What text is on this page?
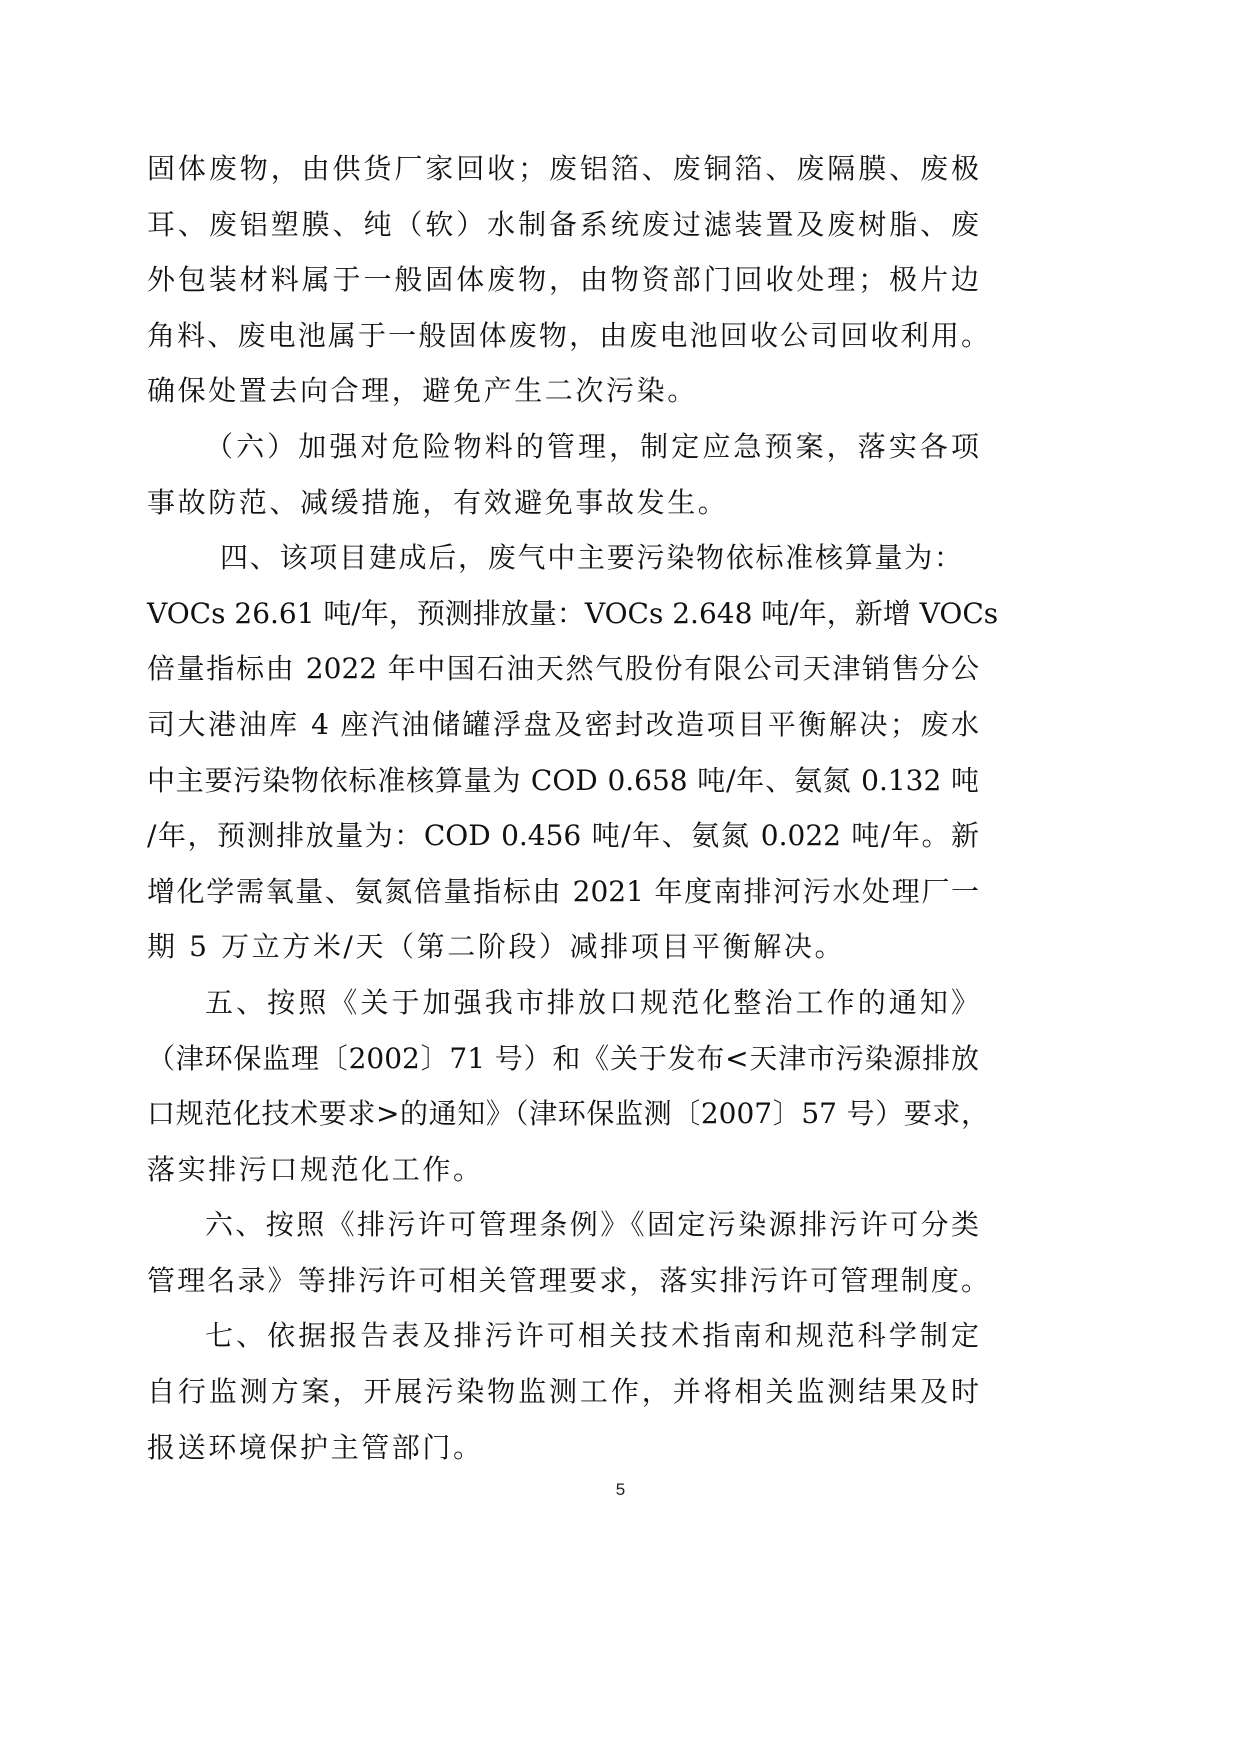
固体废物，由供货厂家回收；废铝箔、废铜箔、废隔膜、废极
耳、废铝塑膜、纯（软）水制备系统废过滤装置及废树脂、废
外包装材料属于一般固体废物，由物资部门回收处理；极片边
角料、废电池属于一般固体废物，由废电池回收公司回收利用。
确保处置去向合理，避免产生二次污染。
（六）加强对危险物料的管理，制定应急预案，落实各项
事故防范、减缓措施，有效避免事故发生。
四、该项目建成后，废气中主要污染物依标准核算量为：
VOCs 26.61 吨/年，预测排放量：VOCs 2.648 吨/年，新增 VOCs
倍量指标由 2022 年中国石油天然气股份有限公司天津销售分公
司大港油库 4 座汽油储罐浮盘及密封改造项目平衡解决；废水
中主要污染物依标准核算量为 COD 0.658 吨/年、氨氮 0.132 吨
/年，预测排放量为：COD 0.456 吨/年、氨氮 0.022 吨/年。新
增化学需氧量、氨氮倍量指标由 2021 年度南排河污水处理厂一
期 5 万立方米/天（第二阶段）减排项目平衡解决。
五、按照《关于加强我市排放口规范化整治工作的通知》
（津环保监理〔2002〕71 号）和《关于发布<天津市污染源排放
口规范化技术要求>的通知》（津环保监测〔2007〕57 号）要求，
落实排污口规范化工作。
六、按照《排污许可管理条例》《固定污染源排污许可分类
管理名录》等排污许可相关管理要求，落实排污许可管理制度。
七、依据报告表及排污许可相关技术指南和规范科学制定
自行监测方案，开展污染物监测工作，并将相关监测结果及时
报送环境保护主管部门。
5
